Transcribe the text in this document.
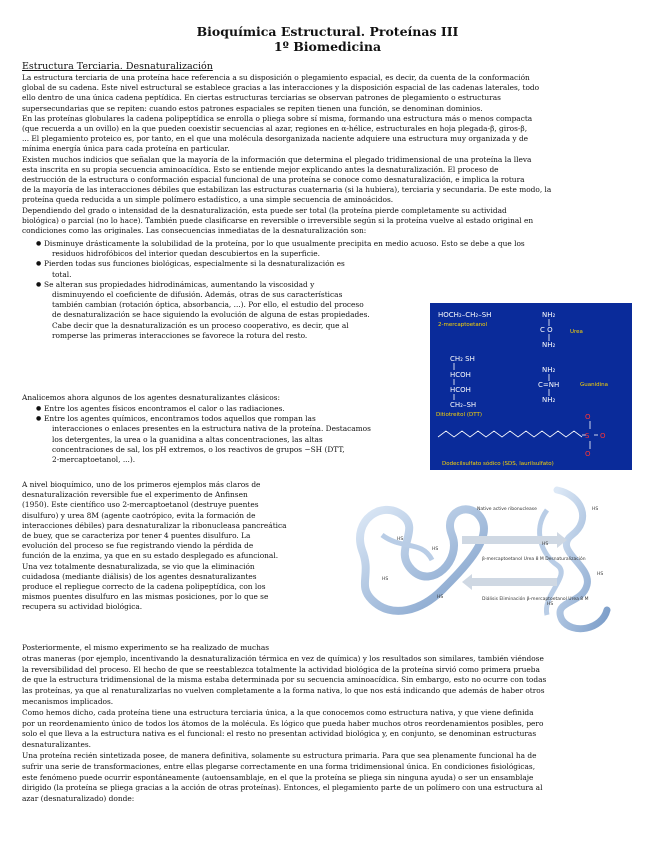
Bioquímica Estructural. Proteínas III
1º Biomedicina
Estructura Terciaria. Desnaturalización
La estructura terciaria de una proteína hace referencia a su disposición o plegamiento espacial, es decir, da cuenta de la conformación
global de su cadena. Este nivel estructural se establece gracias a las interacciones y la disposición espacial de las cadenas laterales, todo
ello dentro de una única cadena peptídica. En ciertas estructuras terciarias se observan patrones de plegamiento o estructuras
supersecundarias que se repiten: cuando estos patrones espaciales se repiten tienen una función, se denominan dominios.
En las proteínas globulares la cadena polipeptídica se enrolla o pliega sobre sí misma, formando una estructura más o menos compacta
(que recuerda a un ovillo) en la que pueden coexistir secuencias al azar, regiones en α-hélice, estructurales en hoja plegada-β, giros-β,
... El plegamiento proteico es, por tanto, en el que una molécula desorganizada naciente adquiere una estructura muy organizada y de
mínima energía única para cada proteína en particular.
Existen muchos indicios que señalan que la mayoría de la información que determina el plegado tridimensional de una proteína la lleva
esta inscrita en su propia secuencia aminoacídica. Esto se entiende mejor explicando antes la desnaturalización. El proceso de
destrucción de la estructura o conformación espacial funcional de una proteína se conoce como desnaturalización, e implica la rotura
de la mayoría de las interacciones débiles que estabilizan las estructuras cuaternaria (si la hubiera), terciaria y secundaria. De este modo, la
proteína queda reducida a un simple polímero estadístico, a una simple secuencia de aminoácidos.
Dependiendo del grado o intensidad de la desnaturalización, esta puede ser total (la proteína pierde completamente su actividad
biológica) o parcial (no lo hace). También puede clasificarse en reversible o irreversible según si la proteína vuelve al estado original en
condiciones como las originales. Las consecuencias inmediatas de la desnaturalización son:
● Disminuye drásticamente la solubilidad de la proteína, por lo que usualmente precipita en medio acuoso. Esto se debe a que los
residuos hidrofóbicos del interior quedan descubiertos en la superficie.
● Pierden todas sus funciones biológicas, especialmente si la desnaturalización es
total.
● Se alteran sus propiedades hidrodinámicas, aumentando la viscosidad y
disminuyendo el coeficiente de difusión. Además, otras de sus características
también cambian (rotación óptica, absorbancia, ...). Por ello, el estudio del proceso
de desnaturalización se hace siguiendo la evolución de alguna de estas propiedades.
Cabe decir que la desnaturalización es un proceso cooperativo, es decir, que al
romperse las primeras interacciones se favorece la rotura del resto.
Analicemos ahora algunos de los agentes desnaturalizantes clásicos:
● Entre los agentes físicos encontramos el calor o las radiaciones.
● Entre los agentes químicos, encontramos todos aquellos que rompan las
interacciones o enlaces presentes en la estructura nativa de la proteína. Destacamos
los detergentes, la urea o la guanidina a altas concentraciones, las altas
concentraciones de sal, los pH extremos, o los reactivos de grupos −SH (DTT,
2-mercaptoetanol, ...).
A nivel bioquímico, uno de los primeros ejemplos más claros de
desnaturalización reversible fue el experimento de Anfinsen
(1950). Este científico uso 2-mercaptoetanol (destruye puentes
disulfuro) y urea 8M (agente caotrópico, evita la formación de
interacciones débiles) para desnaturalizar la ribonucleasa pancreática
de buey, que se caracteriza por tener 4 puentes disulfuro. La
evolución del proceso se fue registrando viendo la pérdida de
función de la enzima, ya que en su estado desplegado es afuncional.
Una vez totalmente desnaturalizada, se vio que la eliminación
cuidadosa (mediante diálisis) de los agentes desnaturalizantes
produce el repliegue correcto de la cadena polipeptídica, con los
mismos puentes disulfuro en las mismas posiciones, por lo que se
recupera su actividad biológica.
Posteriormente, el mismo experimento se ha realizado de muchas
otras maneras (por ejemplo, incentivando la desnaturalización térmica en vez de química) y los resultados son similares, también viéndose
la reversibilidad del proceso. El hecho de que se reestablezca totalmente la actividad biológica de la proteína sirvió como primera prueba
de que la estructura tridimensional de la misma estaba determinada por su secuencia aminoacídica. Sin embargo, esto no ocurre con todas
las proteínas, ya que al renaturalizarlas no vuelven completamente a la forma nativa, lo que nos está indicando que además de haber otros
mecanismos implicados.
Como hemos dicho, cada proteína tiene una estructura terciaria única, a la que conocemos como estructura nativa, y que viene definida
por un reordenamiento único de todos los átomos de la molécula. Es lógico que pueda haber muchos otros reordenamientos posibles, pero
solo el que lleva a la estructura nativa es el funcional: el resto no presentan actividad biológica y, en conjunto, se denominan estructuras
desnaturalizantes.
Una proteína recién sintetizada posee, de manera definitiva, solamente su estructura primaria. Para que sea plenamente funcional ha de
sufrir una serie de transformaciones, entre ellas plegarse correctamente en una forma tridimensional única. En condiciones fisiológicas,
este fenómeno puede ocurrir espontáneamente (autoensamblaje, en el que la proteína se pliega sin ninguna ayuda) o ser un ensamblaje
dirigido (la proteína se pliega gracias a la acción de otras proteínas). Entonces, el plegamiento parte de un polímero con una estructura al
azar (desnaturalizado) donde:
HOCH₂–CH₂–SH
2-mercaptoetanol
NH₂
C O
NH₂
Urea
CH₂ SH
HCOH
HCOH
CH₂–SH
Ditiotreitol (DTT)
NH₂
C=NH
NH₂
Guanidina
Dodecilsulfato sódico (SDS, laurilsulfato)
O
S
O
O
Native active ribonuclease
β-mercaptoetanol Urea 8 M Desnaturalización
Diálisis Eliminación β-mercaptoetanol Urea 8 M
HS
HS
HS
HS
HS
HS
HS
HS
